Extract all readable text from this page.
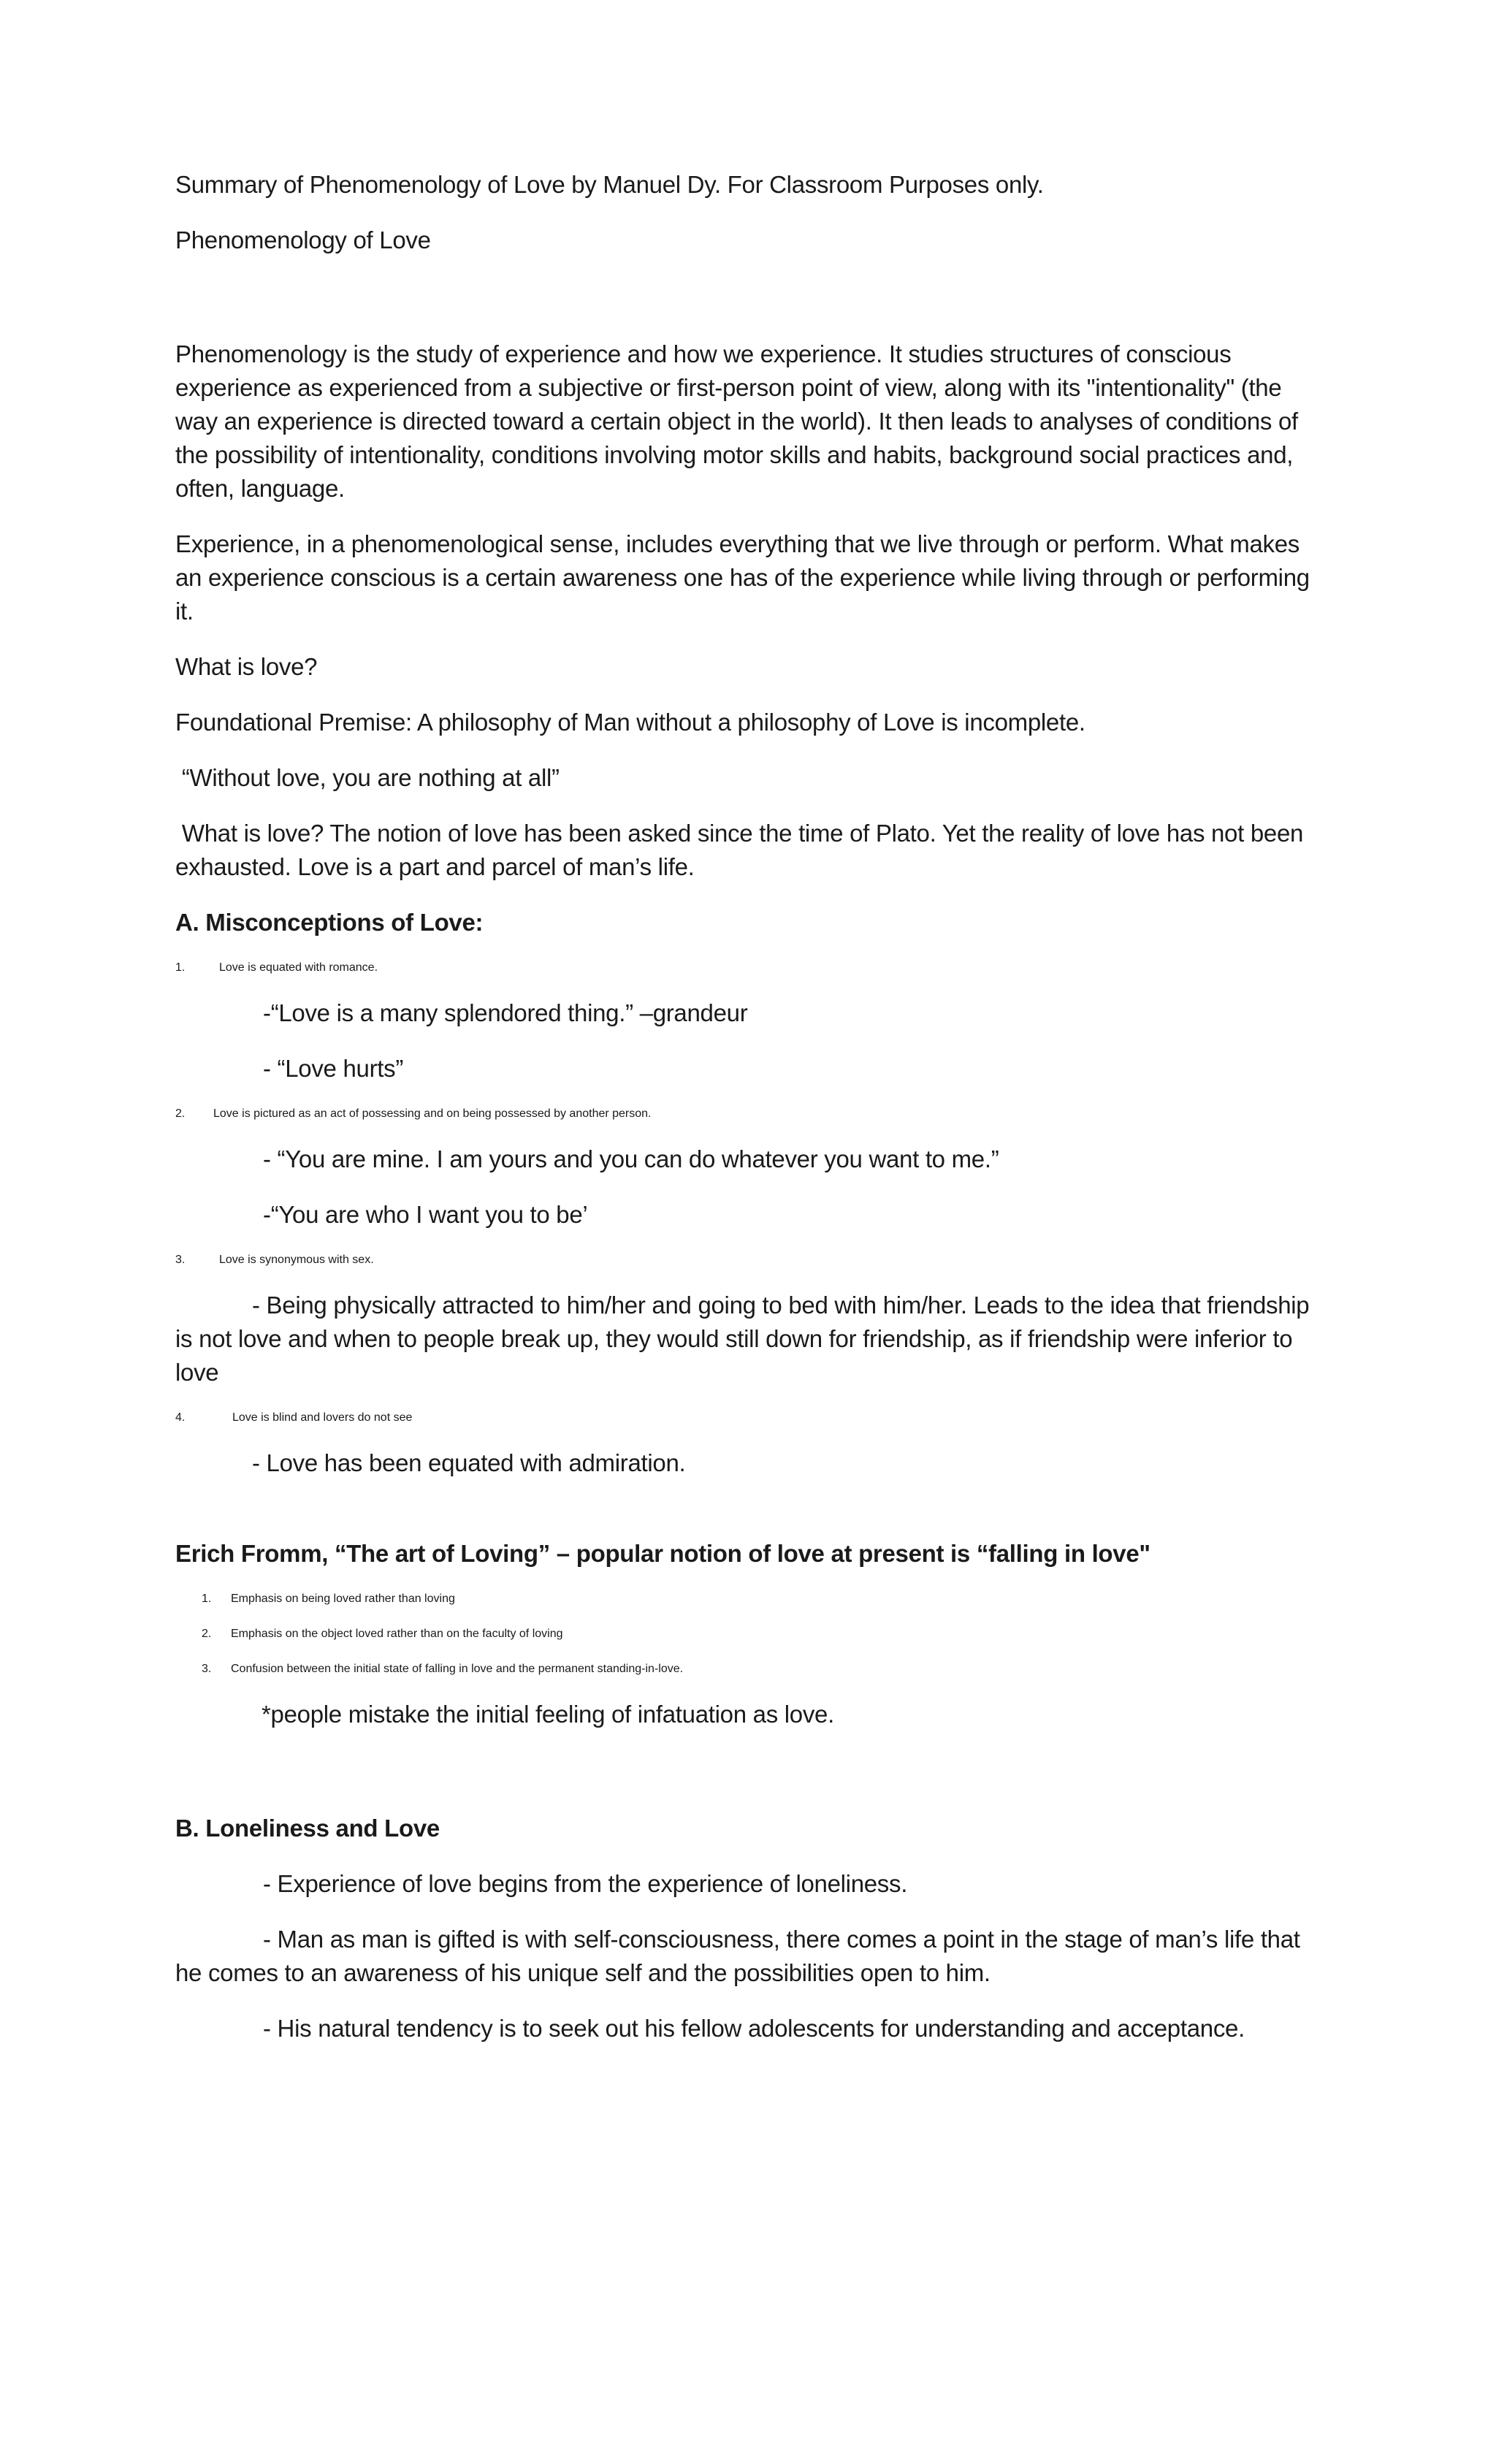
Summary of Phenomenology of Love by Manuel Dy. For Classroom Purposes only.

Phenomenology of Love

Phenomenology is the study of experience and how we experience. It studies structures of conscious experience as experienced from a subjective or first-person point of view, along with its "intentionality" (the way an experience is directed toward a certain object in the world). It then leads to analyses of conditions of the possibility of intentionality, conditions involving motor skills and habits, background social practices and, often, language.

Experience, in a phenomenological sense, includes everything that we live through or perform. What makes an experience conscious is a certain awareness one has of the experience while living through or performing it.

What is love?

Foundational Premise: A philosophy of Man without a philosophy of Love is incomplete.

“Without love, you are nothing at all”

What is love? The notion of love has been asked since the time of Plato. Yet the reality of love has not been exhausted. Love is a part and parcel of man’s life.

A. Misconceptions of Love:

1.	Love is equated with romance.

-“Love is a many splendored thing.” –grandeur

- “Love hurts”

2.	Love is pictured as an act of possessing and on being possessed by another person.

- “You are mine. I am yours and you can do whatever you want to me.”

-“You are who I want you to be’

3.	Love is synonymous with sex.

- Being physically attracted to him/her and going to bed with him/her. Leads to the idea that friendship is not love and when to people break up, they would still down for friendship, as if friendship were inferior to love

4.	Love is blind and lovers do not see

- Love has been equated with admiration.

Erich Fromm, “The art of Loving” – popular notion of love at present is “falling in love"

1.	Emphasis on being loved rather than loving
2.	Emphasis on the object loved rather than on the faculty of loving
3.	Confusion between the initial state of falling in love and the permanent standing-in-love.

*people mistake the initial feeling of infatuation as love.

B. Loneliness and Love

- Experience of love begins from the experience of loneliness.

- Man as man is gifted is with self-consciousness, there comes a point in the stage of man’s life that he comes to an awareness of his unique self and the possibilities open to him.

- His natural tendency is to seek out his fellow adolescents for understanding and acceptance.
